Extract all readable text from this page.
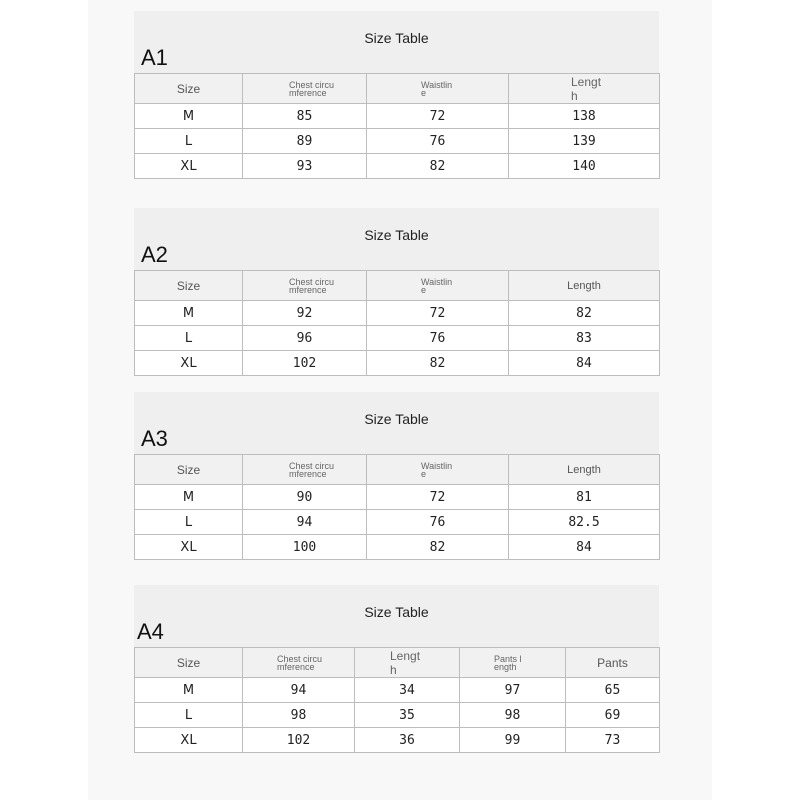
Size Table
A1
Size	Chest circumference	Waistline	Length

M	85	72	138
L	89	76	139
XL	93	82	140
Size Table
A2
Size	Chest circumference	Waistline	Length
M	92	72	82
L	96	76	83
XL	102	82	84
Size Table
A3
Size	Chest circumference	Waistline	Length
M	90	72	81
L	94	76	82.5
XL	100	82	84
Size Table
A4
Size	Chest circumference	Length	Pants length	Pants
M	94	34	97	65
L	98	35	98	69
XL	102	36	99	73
